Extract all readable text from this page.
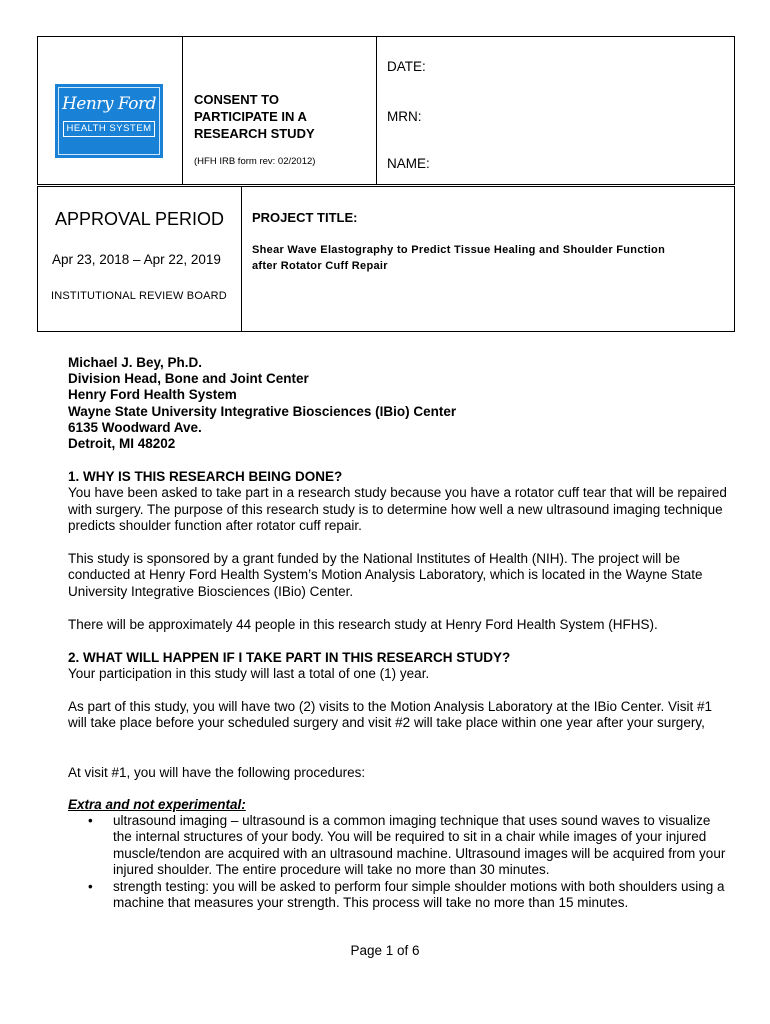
Henry Ford
HEALTH SYSTEM
CONSENT TO
PARTICIPATE IN A
RESEARCH STUDY
(HFH IRB form rev: 02/2012)
DATE:
MRN:
NAME:
APPROVAL PERIOD
Apr 23, 2018 – Apr 22, 2019
INSTITUTIONAL REVIEW BOARD
PROJECT TITLE:
Shear Wave Elastography to Predict Tissue Healing and Shoulder Function
after Rotator Cuff Repair
Michael J. Bey, Ph.D.
Division Head, Bone and Joint Center
Henry Ford Health System
Wayne State University Integrative Biosciences (IBio) Center
6135 Woodward Ave.
Detroit, MI 48202

1. WHY IS THIS RESEARCH BEING DONE?

You have been asked to take part in a research study because you have a rotator cuff tear that will be repaired with surgery. The purpose of this research study is to determine how well a new ultrasound imaging technique predicts shoulder function after rotator cuff repair.

This study is sponsored by a grant funded by the National Institutes of Health (NIH). The project will be conducted at Henry Ford Health System’s Motion Analysis Laboratory, which is located in the Wayne State University Integrative Biosciences (IBio) Center.
There will be approximately 44 people in this research study at Henry Ford Health System (HFHS).

2. WHAT WILL HAPPEN IF I TAKE PART IN THIS RESEARCH STUDY?

Your participation in this study will last a total of one (1) year.

As part of this study, you will have two (2) visits to the Motion Analysis Laboratory at the IBio Center. Visit #1 will take place before your scheduled surgery and visit #2 will take place within one year after your surgery,
At visit #1, you will have the following procedures:
Extra and not experimental:
• ultrasound imaging – ultrasound is a common imaging technique that uses sound waves to visualize the internal structures of your body. You will be required to sit in a chair while images of your injured muscle/tendon are acquired with an ultrasound machine. Ultrasound images will be acquired from your injured shoulder. The entire procedure will take no more than 30 minutes.
• strength testing: you will be asked to perform four simple shoulder motions with both shoulders using a machine that measures your strength. This process will take no more than 15 minutes.
Page 1 of 6
